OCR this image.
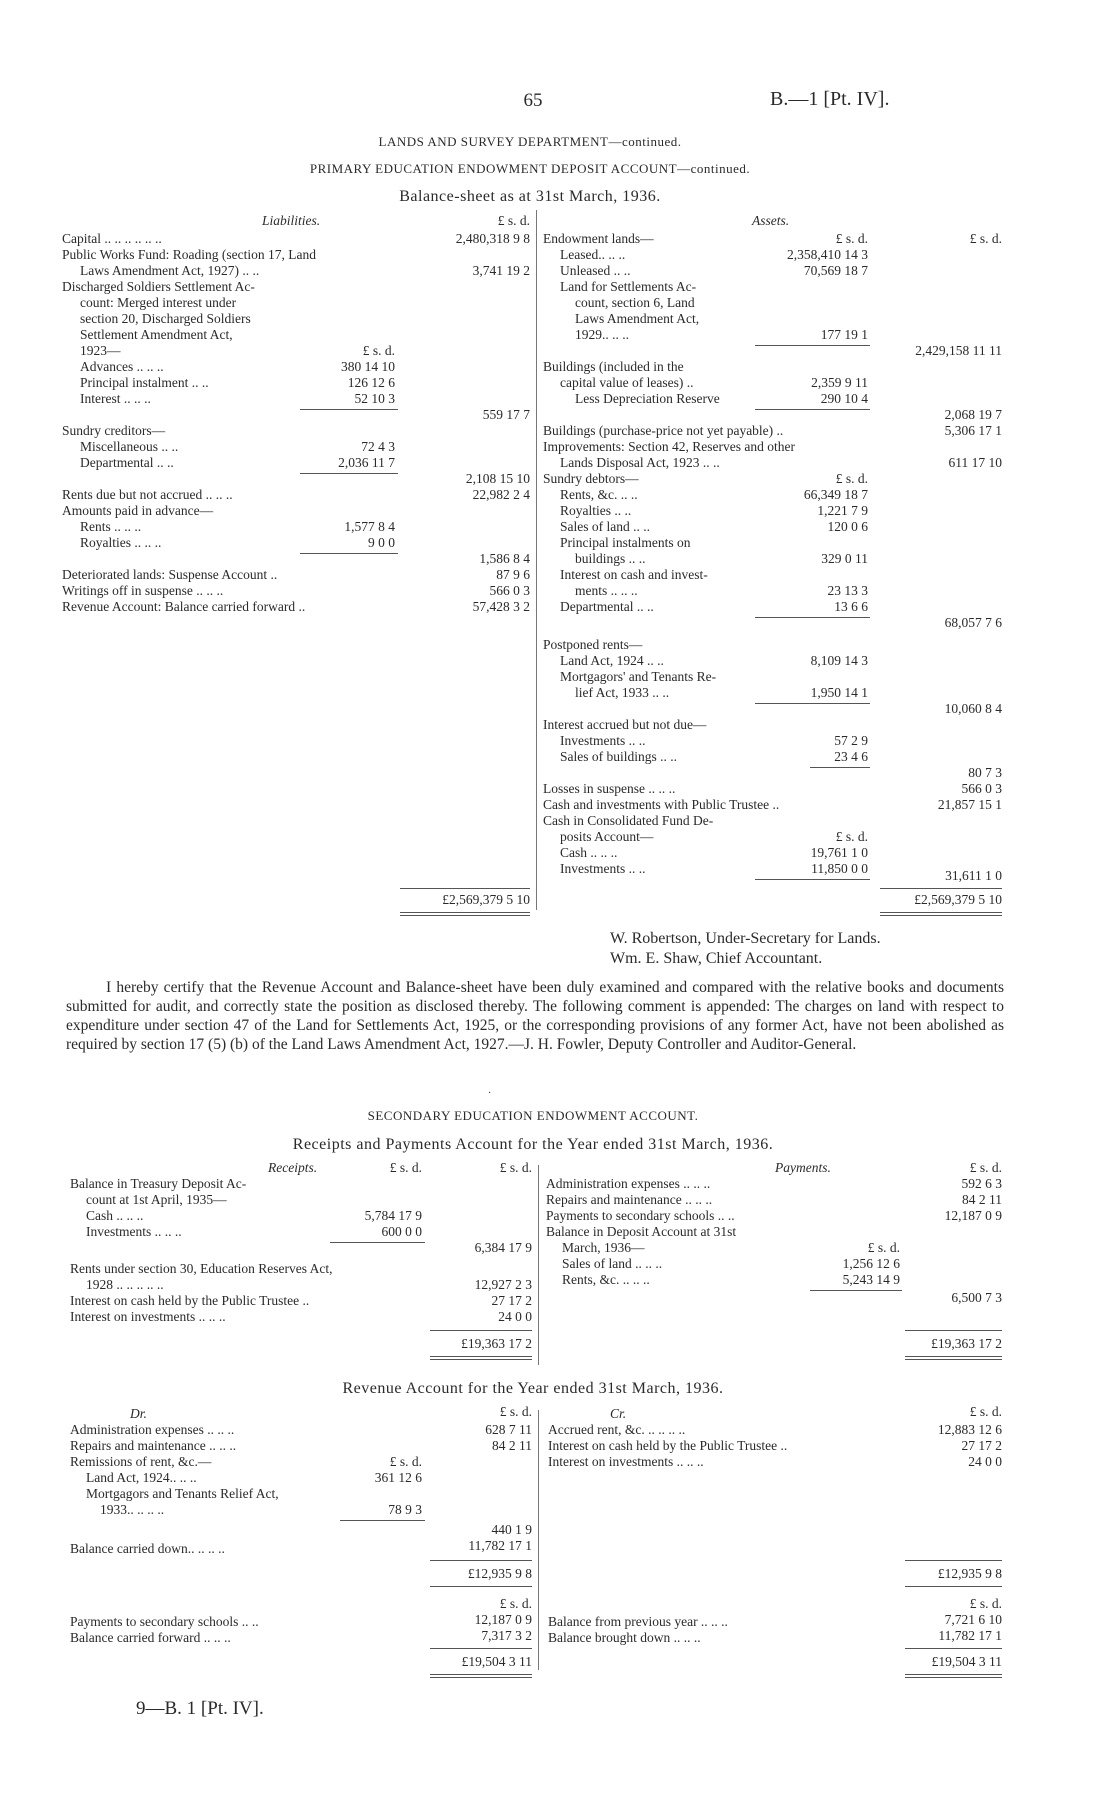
65	B.—1 [Pt. IV].
LANDS AND SURVEY DEPARTMENT—continued.
PRIMARY EDUCATION ENDOWMENT DEPOSIT ACCOUNT—continued.
Balance-sheet as at 31st March, 1936.
Liabilities.	£ s. d.	Assets.
Capital .. .. .. .. .. ..	2,480,318 9 8
Public Works Fund: Roading (section 17, Land
Laws Amendment Act, 1927) .. ..	3,741 19 2
Discharged Soldiers Settlement Ac-
count: Merged interest under
section 20, Discharged Soldiers
Settlement Amendment Act,
1923—	£ s. d.
Advances .. .. ..	380 14 10
Principal instalment .. ..	126 12 6
Interest .. .. ..	52 10 3
559 17 7
Sundry creditors—
Miscellaneous .. ..	72 4 3
Departmental .. ..	2,036 11 7
2,108 15 10
Rents due but not accrued .. .. ..	22,982 2 4
Amounts paid in advance—
Rents .. .. ..	1,577 8 4
Royalties .. .. ..	9 0 0
1,586 8 4
Deteriorated lands: Suspense Account ..	87 9 6
Writings off in suspense .. .. ..	566 0 3
Revenue Account: Balance carried forward ..	57,428 3 2
£2,569,379 5 10
Endowment lands—	£ s. d.	£ s. d.
Leased.. .. ..	2,358,410 14 3
Unleased .. ..	70,569 18 7
Land for Settlements Ac-
count, section 6, Land
Laws Amendment Act,
1929.. .. ..	177 19 1
2,429,158 11 11
Buildings (included in the
capital value of leases) ..	2,359 9 11
Less Depreciation Reserve	290 10 4
2,068 19 7
Buildings (purchase-price not yet payable) ..	5,306 17 1
Improvements: Section 42, Reserves and other
Lands Disposal Act, 1923 .. ..	611 17 10
Sundry debtors—	£ s. d.
Rents, &c. .. ..	66,349 18 7
Royalties .. ..	1,221 7 9
Sales of land .. ..	120 0 6
Principal instalments on
buildings .. ..	329 0 11
Interest on cash and invest-
ments .. .. ..	23 13 3
Departmental .. ..	13 6 6
68,057 7 6
Postponed rents—
Land Act, 1924 .. ..	8,109 14 3
Mortgagors' and Tenants Re-
lief Act, 1933 .. ..	1,950 14 1
10,060 8 4
Interest accrued but not due—
Investments .. ..	57 2 9
Sales of buildings .. ..	23 4 6
80 7 3
Losses in suspense .. .. ..	566 0 3
Cash and investments with Public Trustee ..	21,857 15 1
Cash in Consolidated Fund De-
posits Account—	£ s. d.
Cash .. .. ..	19,761 1 0
Investments .. ..	11,850 0 0	31,611 1 0
£2,569,379 5 10
W. Robertson, Under-Secretary for Lands.
Wm. E. Shaw, Chief Accountant.
I hereby certify that the Revenue Account and Balance-sheet have been duly examined and compared with the relative books and documents submitted for audit, and correctly state the position as disclosed thereby. The following comment is appended: The charges on land with respect to expenditure under section 47 of the Land for Settlements Act, 1925, or the corresponding provisions of any former Act, have not been abolished as required by section 17 (5) (b) of the Land Laws Amendment Act, 1927.—J. H. Fowler, Deputy Controller and Auditor-General.
·
SECONDARY EDUCATION ENDOWMENT ACCOUNT.
Receipts and Payments Account for the Year ended 31st March, 1936.
Receipts.	£ s. d.	£ s. d.	Payments.	£ s. d.
Balance in Treasury Deposit Ac-
count at 1st April, 1935—
Cash .. .. ..	5,784 17 9
Investments .. .. ..	600 0 0
6,384 17 9
Rents under section 30, Education Reserves Act,
1928 .. .. .. .. ..	12,927 2 3
Interest on cash held by the Public Trustee ..	27 17 2
Interest on investments .. .. ..	24 0 0
£19,363 17 2
Administration expenses .. .. ..	592 6 3
Repairs and maintenance .. .. ..	84 2 11
Payments to secondary schools .. ..	12,187 0 9
Balance in Deposit Account at 31st
March, 1936—	£ s. d.
Sales of land .. .. ..	1,256 12 6
Rents, &c. .. .. ..	5,243 14 9
6,500 7 3
£19,363 17 2
Revenue Account for the Year ended 31st March, 1936.
Dr.	£ s. d.	Cr.	£ s. d.
Administration expenses .. .. ..	628 7 11
Repairs and maintenance .. .. ..	84 2 11
Remissions of rent, &c.—	£ s. d.
Land Act, 1924.. .. ..	361 12 6
Mortgagors and Tenants Relief Act,
1933.. .. .. ..	78 9 3
440 1 9
Balance carried down.. .. .. ..	11,782 17 1
£12,935 9 8
Accrued rent, &c. .. .. .. ..	12,883 12 6
Interest on cash held by the Public Trustee ..	27 17 2
Interest on investments .. .. ..	24 0 0
£12,935 9 8
£ s. d.	£ s. d.
Payments to secondary schools .. ..	12,187 0 9
Balance carried forward .. .. ..	7,317 3 2
£19,504 3 11
Balance from previous year .. .. ..	7,721 6 10
Balance brought down .. .. ..	11,782 17 1
£19,504 3 11
9—B. 1 [Pt. IV].
